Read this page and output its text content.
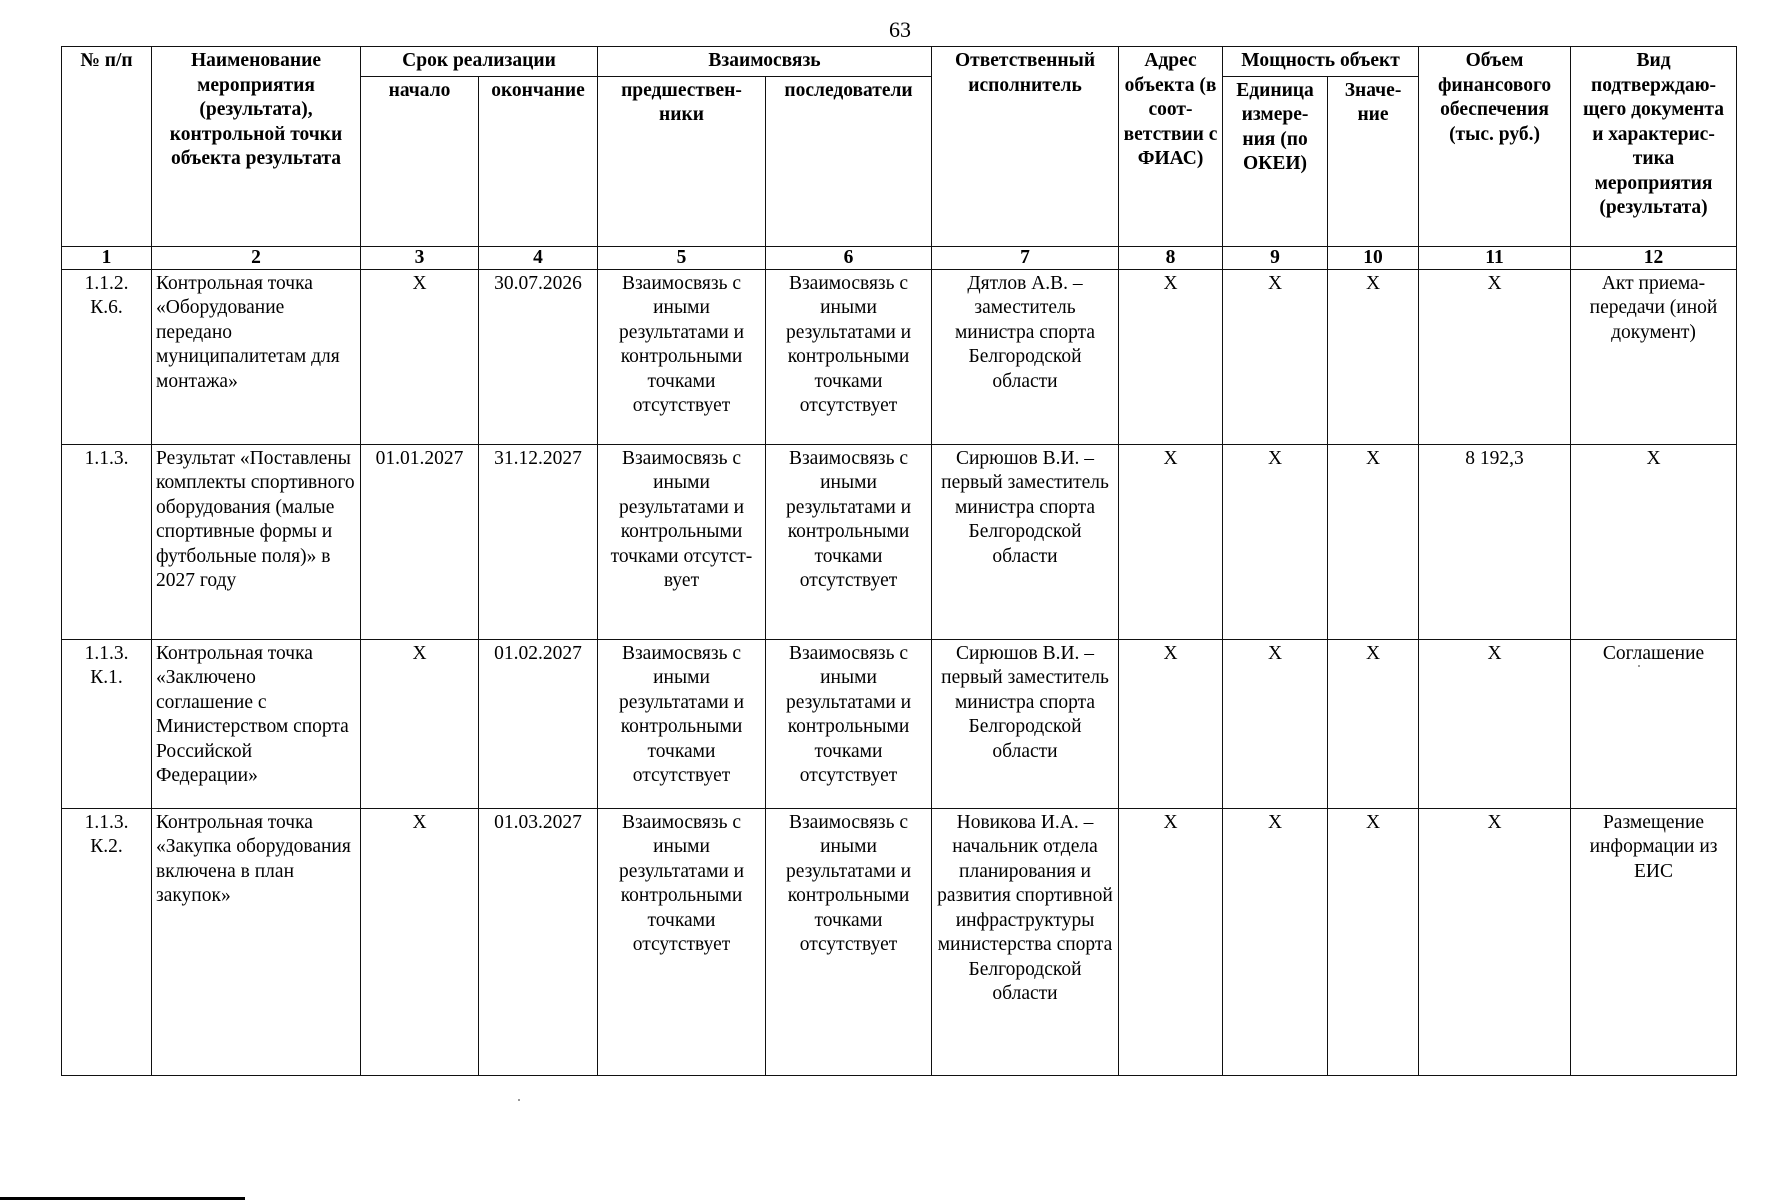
63
№ п/п	Наименование мероприятия (результата), контрольной точки объекта результата	Срок реализации		Взаимосвязь		Ответственный исполнитель	Адрес объекта (в соот-ветствии с ФИАС)	Мощность объект		Объем финансового обеспечения (тыс. руб.)	Вид подтверждаю-щего документа и характерис-тика мероприятия (результата)
		начало	окончание	предшествен-ники	последователи			Единица измере-ния (по ОКЕИ)	Значе-ние		
1	2	3	4	5	6	7	8	9	10	11	12
1.1.2. К.6.	Контрольная точка «Оборудование передано муниципалитетам для монтажа»	X	30.07.2026	Взаимосвязь с иными результатами и контрольными точками отсутствует	Взаимосвязь с иными результатами и контрольными точками отсутствует	Дятлов А.В. – заместитель министра спорта Белгородской области	X	X	X	X	Акт приема-передачи (иной документ)
1.1.3.	Результат «Поставлены комплекты спортивного оборудования (малые спортивные формы и футбольные поля)» в 2027 году	01.01.2027	31.12.2027	Взаимосвязь с иными результатами и контрольными точками отсутст-вует	Взаимосвязь с иными результатами и контрольными точками отсутствует	Сирюшов В.И. – первый заместитель министра спорта Белгородской области	X	X	X	8 192,3	X
1.1.3. К.1.	Контрольная точка «Заключено соглашение с Министерством спорта Российской Федерации»	X	01.02.2027	Взаимосвязь с иными результатами и контрольными точками отсутствует	Взаимосвязь с иными результатами и контрольными точками отсутствует	Сирюшов В.И. – первый заместитель министра спорта Белгородской области	X	X	X	X	Соглашение
1.1.3. К.2.	Контрольная точка «Закупка оборудования включена в план закупок»	X	01.03.2027	Взаимосвязь с иными результатами и контрольными точками отсутствует	Взаимосвязь с иными результатами и контрольными точками отсутствует	Новикова И.А. – начальник отдела планирования и развития спортивной инфраструктуры министерства спорта Белгородской области	X	X	X	X	Размещение информации из ЕИС
